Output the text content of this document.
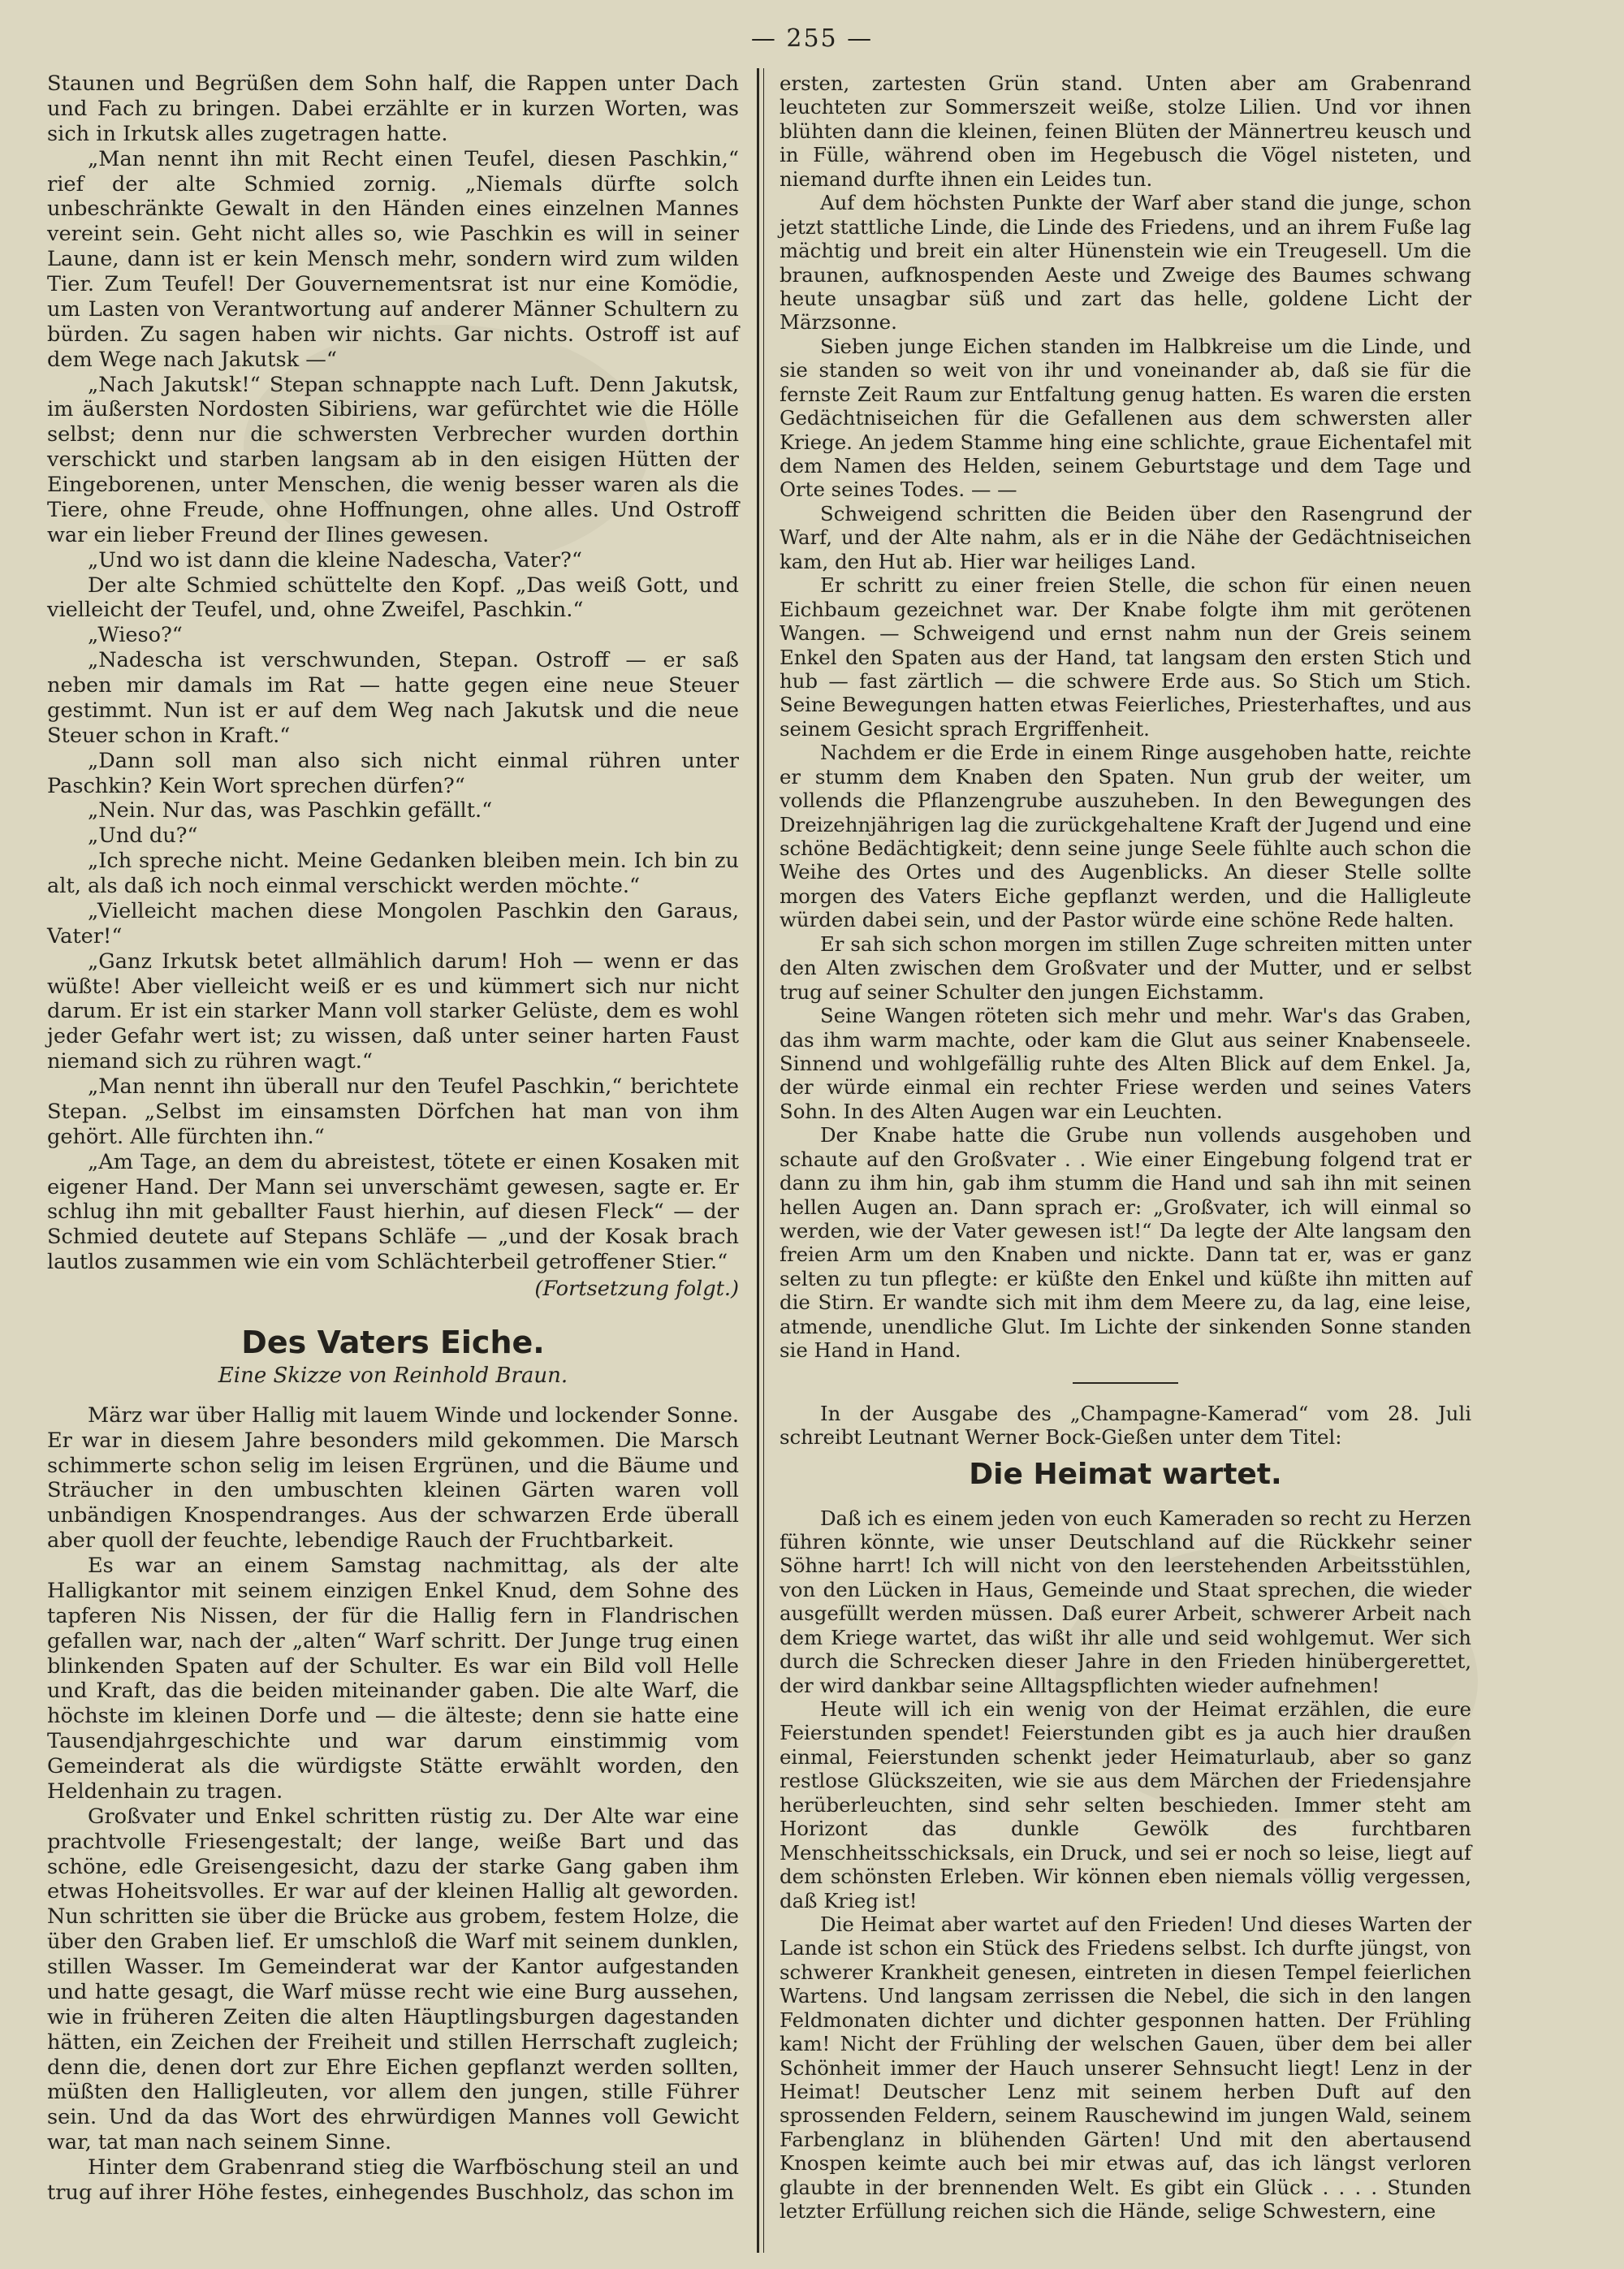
— 255 —

Staunen und Begrüßen dem Sohn half, die Rappen unter Dach und Fach zu bringen. Dabei erzählte er in kurzen Worten, was sich in Irkutsk alles zugetragen hatte.

„Man nennt ihn mit Recht einen Teufel, diesen Paschkin,“ rief der alte Schmied zornig. „Niemals dürfte solch unbeschränkte Gewalt in den Händen eines einzelnen Mannes vereint sein. Geht nicht alles so, wie Paschkin es will in seiner Laune, dann ist er kein Mensch mehr, sondern wird zum wilden Tier. Zum Teufel! Der Gouvernementsrat ist nur eine Komödie, um Lasten von Verantwortung auf anderer Männer Schultern zu bürden. Zu sagen haben wir nichts. Gar nichts. Ostroff ist auf dem Wege nach Jakutsk —“

„Nach Jakutsk!“ Stepan schnappte nach Luft. Denn Jakutsk, im äußersten Nordosten Sibiriens, war gefürchtet wie die Hölle selbst; denn nur die schwersten Verbrecher wurden dorthin verschickt und starben langsam ab in den eisigen Hütten der Eingeborenen, unter Menschen, die wenig besser waren als die Tiere, ohne Freude, ohne Hoffnungen, ohne alles. Und Ostroff war ein lieber Freund der Ilines gewesen.

„Und wo ist dann die kleine Nadescha, Vater?“

Der alte Schmied schüttelte den Kopf. „Das weiß Gott, und vielleicht der Teufel, und, ohne Zweifel, Paschkin.“

„Wieso?“

„Nadescha ist verschwunden, Stepan. Ostroff — er saß neben mir damals im Rat — hatte gegen eine neue Steuer gestimmt. Nun ist er auf dem Weg nach Jakutsk und die neue Steuer schon in Kraft.“

„Dann soll man also sich nicht einmal rühren unter Paschkin? Kein Wort sprechen dürfen?“

„Nein. Nur das, was Paschkin gefällt.“

„Und du?“

„Ich spreche nicht. Meine Gedanken bleiben mein. Ich bin zu alt, als daß ich noch einmal verschickt werden möchte.“

„Vielleicht machen diese Mongolen Paschkin den Garaus, Vater!“

„Ganz Irkutsk betet allmählich darum! Hoh — wenn er das wüßte! Aber vielleicht weiß er es und kümmert sich nur nicht darum. Er ist ein starker Mann voll starker Gelüste, dem es wohl jeder Gefahr wert ist; zu wissen, daß unter seiner harten Faust niemand sich zu rühren wagt.“

„Man nennt ihn überall nur den Teufel Paschkin,“ berichtete Stepan. „Selbst im einsamsten Dörfchen hat man von ihm gehört. Alle fürchten ihn.“

„Am Tage, an dem du abreistest, tötete er einen Kosaken mit eigener Hand. Der Mann sei unverschämt gewesen, sagte er. Er schlug ihn mit geballter Faust hierhin, auf diesen Fleck“ — der Schmied deutete auf Stepans Schläfe — „und der Kosak brach lautlos zusammen wie ein vom Schlächterbeil getroffener Stier.“

(Fortsetzung folgt.)

Des Vaters Eiche.
Eine Skizze von Reinhold Braun.

März war über Hallig mit lauem Winde und lockender Sonne. Er war in diesem Jahre besonders mild gekommen. Die Marsch schimmerte schon selig im leisen Ergrünen, und die Bäume und Sträucher in den umbuschten kleinen Gärten waren voll unbändigen Knospendranges. Aus der schwarzen Erde überall aber quoll der feuchte, lebendige Rauch der Fruchtbarkeit.

Es war an einem Samstag nachmittag, als der alte Halligkantor mit seinem einzigen Enkel Knud, dem Sohne des tapferen Nis Nissen, der für die Hallig fern in Flandrischen gefallen war, nach der „alten“ Warf schritt. Der Junge trug einen blinkenden Spaten auf der Schulter. Es war ein Bild voll Helle und Kraft, das die beiden miteinander gaben. Die alte Warf, die höchste im kleinen Dorfe und — die älteste; denn sie hatte eine Tausendjahrgeschichte und war darum einstimmig vom Gemeinderat als die würdigste Stätte erwählt worden, den Heldenhain zu tragen.

Großvater und Enkel schritten rüstig zu. Der Alte war eine prachtvolle Friesengestalt; der lange, weiße Bart und das schöne, edle Greisengesicht, dazu der starke Gang gaben ihm etwas Hoheitsvolles. Er war auf der kleinen Hallig alt geworden. Nun schritten sie über die Brücke aus grobem, festem Holze, die über den Graben lief. Er umschloß die Warf mit seinem dunklen, stillen Wasser. Im Gemeinderat war der Kantor aufgestanden und hatte gesagt, die Warf müsse recht wie eine Burg aussehen, wie in früheren Zeiten die alten Häuptlingsburgen dagestanden hätten, ein Zeichen der Freiheit und stillen Herrschaft zugleich; denn die, denen dort zur Ehre Eichen gepflanzt werden sollten, müßten den Halligleuten, vor allem den jungen, stille Führer sein. Und da das Wort des ehrwürdigen Mannes voll Gewicht war, tat man nach seinem Sinne.

Hinter dem Grabenrand stieg die Warfböschung steil an und trug auf ihrer Höhe festes, einhegendes Buschholz, das schon im

ersten, zartesten Grün stand. Unten aber am Grabenrand leuchteten zur Sommerszeit weiße, stolze Lilien. Und vor ihnen blühten dann die kleinen, feinen Blüten der Männertreu keusch und in Fülle, während oben im Hegebusch die Vögel nisteten, und niemand durfte ihnen ein Leides tun.

Auf dem höchsten Punkte der Warf aber stand die junge, schon jetzt stattliche Linde, die Linde des Friedens, und an ihrem Fuße lag mächtig und breit ein alter Hünenstein wie ein Treugesell. Um die braunen, aufknospenden Aeste und Zweige des Baumes schwang heute unsagbar süß und zart das helle, goldene Licht der Märzsonne.

Sieben junge Eichen standen im Halbkreise um die Linde, und sie standen so weit von ihr und voneinander ab, daß sie für die fernste Zeit Raum zur Entfaltung genug hatten. Es waren die ersten Gedächtniseichen für die Gefallenen aus dem schwersten aller Kriege. An jedem Stamme hing eine schlichte, graue Eichentafel mit dem Namen des Helden, seinem Geburtstage und dem Tage und Orte seines Todes. — —

Schweigend schritten die Beiden über den Rasengrund der Warf, und der Alte nahm, als er in die Nähe der Gedächtniseichen kam, den Hut ab. Hier war heiliges Land.

Er schritt zu einer freien Stelle, die schon für einen neuen Eichbaum gezeichnet war. Der Knabe folgte ihm mit gerötenen Wangen. — Schweigend und ernst nahm nun der Greis seinem Enkel den Spaten aus der Hand, tat langsam den ersten Stich und hub — fast zärtlich — die schwere Erde aus. So Stich um Stich. Seine Bewegungen hatten etwas Feierliches, Priesterhaftes, und aus seinem Gesicht sprach Ergriffenheit.

Nachdem er die Erde in einem Ringe ausgehoben hatte, reichte er stumm dem Knaben den Spaten. Nun grub der weiter, um vollends die Pflanzengrube auszuheben. In den Bewegungen des Dreizehnjährigen lag die zurückgehaltene Kraft der Jugend und eine schöne Bedächtigkeit; denn seine junge Seele fühlte auch schon die Weihe des Ortes und des Augenblicks. An dieser Stelle sollte morgen des Vaters Eiche gepflanzt werden, und die Halligleute würden dabei sein, und der Pastor würde eine schöne Rede halten.

Er sah sich schon morgen im stillen Zuge schreiten mitten unter den Alten zwischen dem Großvater und der Mutter, und er selbst trug auf seiner Schulter den jungen Eichstamm.

Seine Wangen röteten sich mehr und mehr. War's das Graben, das ihm warm machte, oder kam die Glut aus seiner Knabenseele. Sinnend und wohlgefällig ruhte des Alten Blick auf dem Enkel. Ja, der würde einmal ein rechter Friese werden und seines Vaters Sohn. In des Alten Augen war ein Leuchten.

Der Knabe hatte die Grube nun vollends ausgehoben und schaute auf den Großvater . . Wie einer Eingebung folgend trat er dann zu ihm hin, gab ihm stumm die Hand und sah ihn mit seinen hellen Augen an. Dann sprach er: „Großvater, ich will einmal so werden, wie der Vater gewesen ist!“ Da legte der Alte langsam den freien Arm um den Knaben und nickte. Dann tat er, was er ganz selten zu tun pflegte: er küßte den Enkel und küßte ihn mitten auf die Stirn. Er wandte sich mit ihm dem Meere zu, da lag, eine leise, atmende, unendliche Glut. Im Lichte der sinkenden Sonne standen sie Hand in Hand.

In der Ausgabe des „Champagne-Kamerad“ vom 28. Juli schreibt Leutnant Werner Bock-Gießen unter dem Titel:

Die Heimat wartet.

Daß ich es einem jeden von euch Kameraden so recht zu Herzen führen könnte, wie unser Deutschland auf die Rückkehr seiner Söhne harrt! Ich will nicht von den leerstehenden Arbeitsstühlen, von den Lücken in Haus, Gemeinde und Staat sprechen, die wieder ausgefüllt werden müssen. Daß eurer Arbeit, schwerer Arbeit nach dem Kriege wartet, das wißt ihr alle und seid wohlgemut. Wer sich durch die Schrecken dieser Jahre in den Frieden hinübergerettet, der wird dankbar seine Alltagspflichten wieder aufnehmen!

Heute will ich ein wenig von der Heimat erzählen, die eure Feierstunden spendet! Feierstunden gibt es ja auch hier draußen einmal, Feierstunden schenkt jeder Heimaturlaub, aber so ganz restlose Glückszeiten, wie sie aus dem Märchen der Friedensjahre herüberleuchten, sind sehr selten beschieden. Immer steht am Horizont das dunkle Gewölk des furchtbaren Menschheitsschicksals, ein Druck, und sei er noch so leise, liegt auf dem schönsten Erleben. Wir können eben niemals völlig vergessen, daß Krieg ist!

Die Heimat aber wartet auf den Frieden! Und dieses Warten der Lande ist schon ein Stück des Friedens selbst. Ich durfte jüngst, von schwerer Krankheit genesen, eintreten in diesen Tempel feierlichen Wartens. Und langsam zerrissen die Nebel, die sich in den langen Feldmonaten dichter und dichter gesponnen hatten. Der Frühling kam! Nicht der Frühling der welschen Gauen, über dem bei aller Schönheit immer der Hauch unserer Sehnsucht liegt! Lenz in der Heimat! Deutscher Lenz mit seinem herben Duft auf den sprossenden Feldern, seinem Rauschewind im jungen Wald, seinem Farbenglanz in blühenden Gärten! Und mit den abertausend Knospen keimte auch bei mir etwas auf, das ich längst verloren glaubte in der brennenden Welt. Es gibt ein Glück . . . . Stunden letzter Erfüllung reichen sich die Hände, selige Schwestern, eine
